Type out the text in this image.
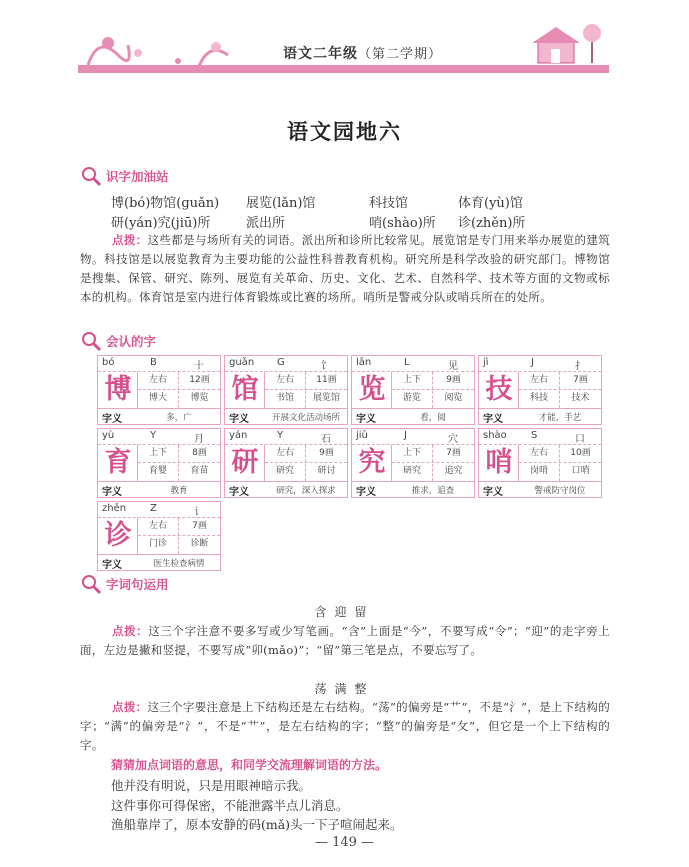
语文二年级（第二学期）
语文园地六
识字加油站
博(bó)物馆(guǎn) 展览(lǎn)馆	科技馆	体育(yù)馆
研(yán)究(jiū)所	派出所	哨(shào)所 诊(zhěn)所
点拨：这些都是与场所有关的词语。派出所和诊所比较常见。展览馆是专门用来举办展览的建筑物。科技馆是以展览教育为主要功能的公益性科普教育机构。研究所是科学改验的研究部门。博物馆是搜集、保管、研究、陈列、展览有关革命、历史、文化、艺术、自然科学、技术等方面的文物或标本的机构。体育馆是室内进行体育锻炼或比赛的场所。哨所是警戒分队或哨兵所在的处所。
会认的字
bó	B	十
博	左右	12画
博大	博览
字义	多，广
guǎn G	饣
馆	左右	11画
书馆	展览馆
字义	开展文化活动场所
lǎn	L	见
览	上下	9画
游览	阅览
字义	看，阅
jì	J	扌
技	左右	7画
科技	技术
字义	才能，手艺
yù	Y	月
育	上下	8画
育婴	育苗
字义	教育
yán	Y	石
研	左右	9画
研究	研讨
字义	研究，深入探求
jiū	J	穴
究	上下	7画
研究	追究
字义	推求，追查
shào S	口
哨	左右	10画
岗哨	口哨
字义	警戒防守岗位
zhěn Z	讠
诊	左右	7画
门诊	诊断
字义	医生检查病情
字词句运用
含迎留
点拨：这三个字注意不要多写或少写笔画。“含”上面是“今”，不要写成“令”；“迎”的走字旁上面，左边是撇和竖提，不要写成“卯(mǎo)”；“留”第三笔是点，不要忘写了。
荡满整
点拨：这三个字要注意是上下结构还是左右结构。“荡”的偏旁是“艹”，不是“氵”，是上下结构的字；“满”的偏旁是“氵”，不是“艹”，是左右结构的字；“整”的偏旁是“攵”，但它是一个上下结构的字。
猜猜加点词语的意思，和同学交流理解词语的方法。
他并没有明说，只是用眼神暗示我。
这件事你可得保密，不能泄露半点儿消息。
渔船靠岸了，原本安静的码(mǎ)头一下子喧闹起来。
— 149 —
